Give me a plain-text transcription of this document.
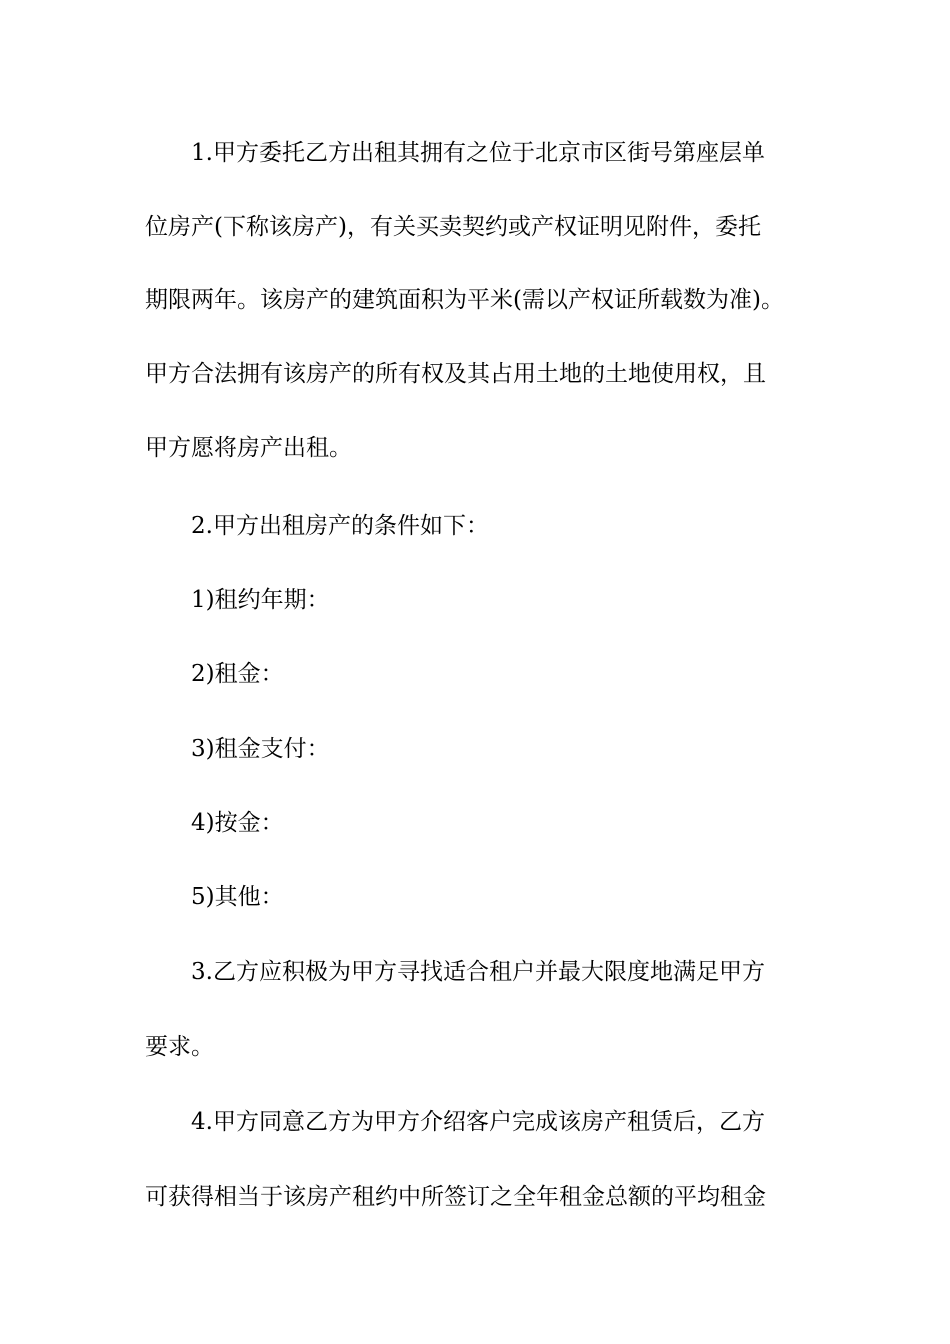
1.甲方委托乙方出租其拥有之位于北京市区街号第座层单
位房产(下称该房产)，有关买卖契约或产权证明见附件，委托
期限两年。该房产的建筑面积为平米(需以产权证所载数为准)。
甲方合法拥有该房产的所有权及其占用土地的土地使用权，且
甲方愿将房产出租。
2.甲方出租房产的条件如下：
1)租约年期：
2)租金：
3)租金支付：
4)按金：
5)其他：
3.乙方应积极为甲方寻找适合租户并最大限度地满足甲方
要求。
4.甲方同意乙方为甲方介绍客户完成该房产租赁后，乙方
可获得相当于该房产租约中所签订之全年租金总额的平均租金
